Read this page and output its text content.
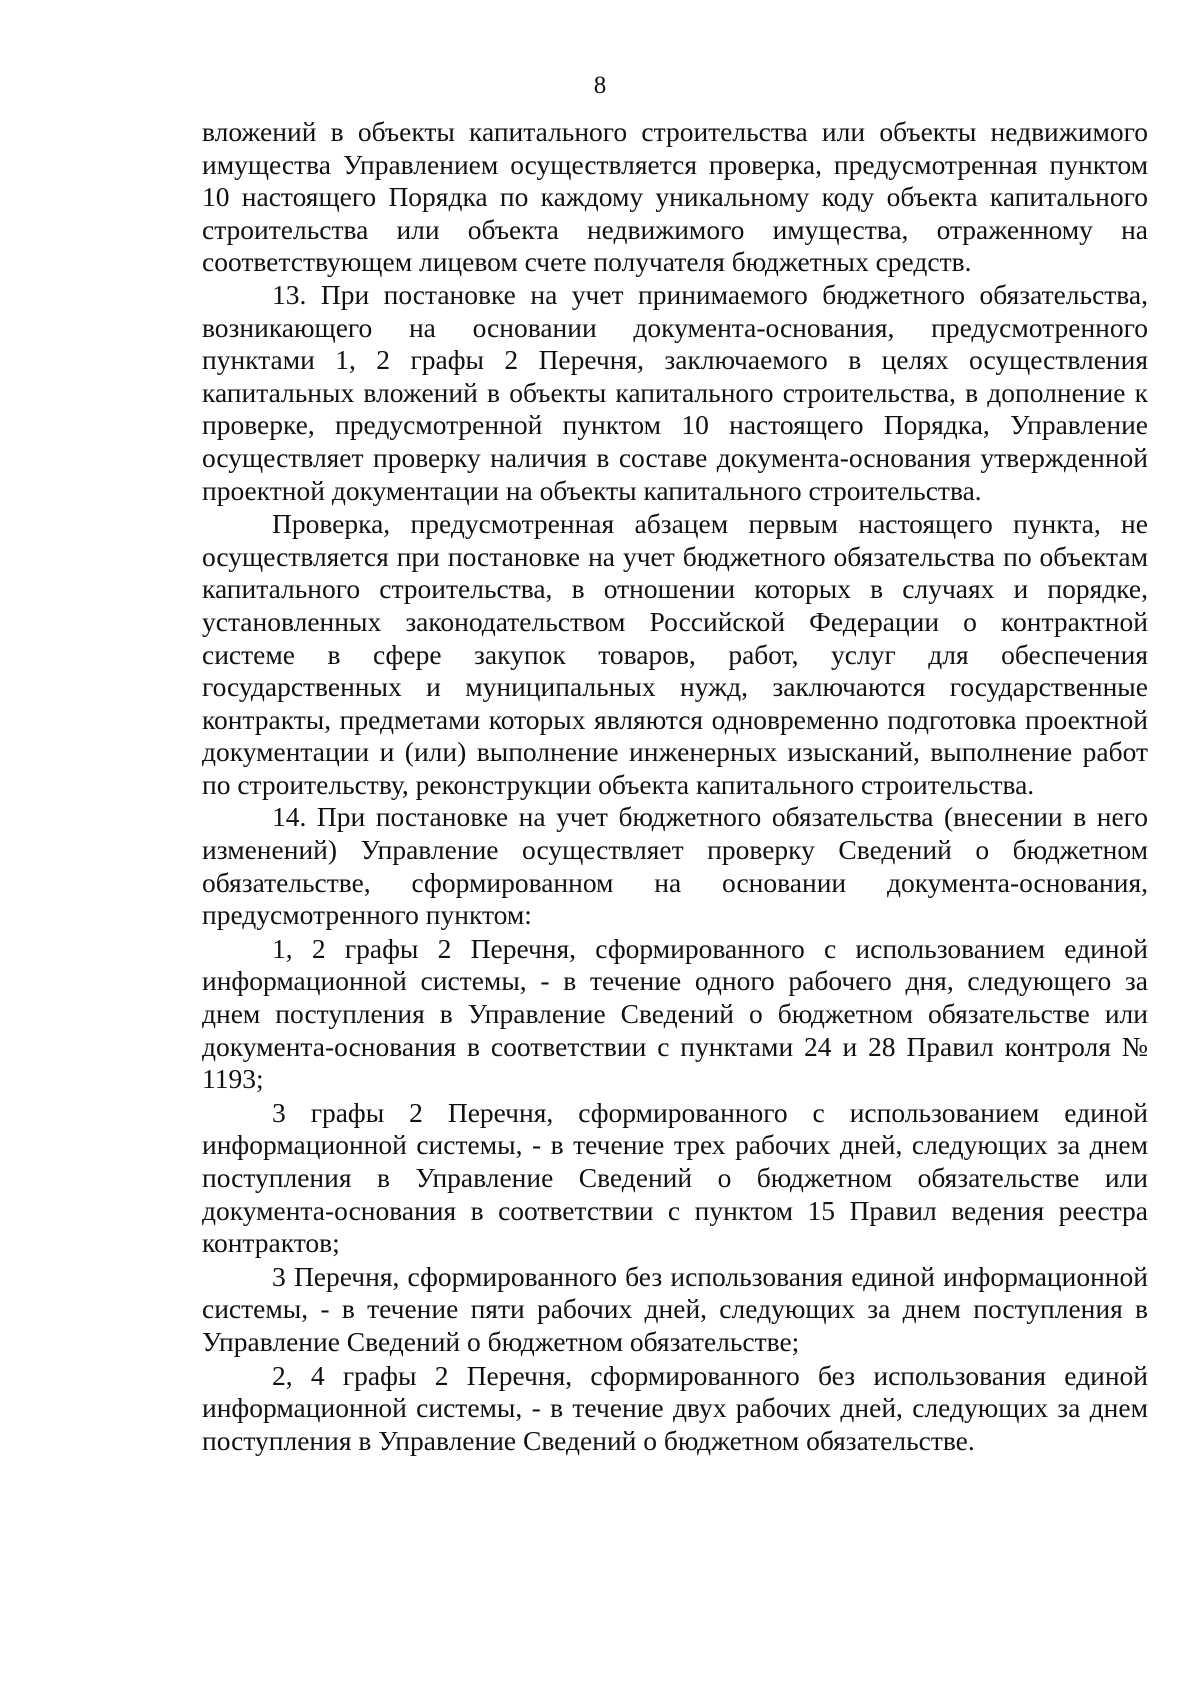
8

вложений в объекты капитального строительства или объекты недвижимого имущества Управлением осуществляется проверка, предусмотренная пунктом 10 настоящего Порядка по каждому уникальному коду объекта капитального строительства или объекта недвижимого имущества, отраженному на соответствующем лицевом счете получателя бюджетных средств.

13. При постановке на учет принимаемого бюджетного обязательства, возникающего на основании документа-основания, предусмотренного пунктами 1, 2 графы 2 Перечня, заключаемого в целях осуществления капитальных вложений в объекты капитального строительства, в дополнение к проверке, предусмотренной пунктом 10 настоящего Порядка, Управление осуществляет проверку наличия в составе документа-основания утвержденной проектной документации на объекты капитального строительства.

Проверка, предусмотренная абзацем первым настоящего пункта, не осуществляется при постановке на учет бюджетного обязательства по объектам капитального строительства, в отношении которых в случаях и порядке, установленных законодательством Российской Федерации о контрактной системе в сфере закупок товаров, работ, услуг для обеспечения государственных и муниципальных нужд, заключаются государственные контракты, предметами которых являются одновременно подготовка проектной документации и (или) выполнение инженерных изысканий, выполнение работ по строительству, реконструкции объекта капитального строительства.

14. При постановке на учет бюджетного обязательства (внесении в него изменений) Управление осуществляет проверку Сведений о бюджетном обязательстве, сформированном на основании документа-основания, предусмотренного пунктом:

1, 2 графы 2 Перечня, сформированного с использованием единой информационной системы, - в течение одного рабочего дня, следующего за днем поступления в Управление Сведений о бюджетном обязательстве или документа-основания в соответствии с пунктами 24 и 28 Правил контроля № 1193;

3 графы 2 Перечня, сформированного с использованием единой информационной системы, - в течение трех рабочих дней, следующих за днем поступления в Управление Сведений о бюджетном обязательстве или документа-основания в соответствии с пунктом 15 Правил ведения реестра контрактов;

3 Перечня, сформированного без использования единой информационной системы, - в течение пяти рабочих дней, следующих за днем поступления в Управление Сведений о бюджетном обязательстве;

2, 4 графы 2 Перечня, сформированного без использования единой информационной системы, - в течение двух рабочих дней, следующих за днем поступления в Управление Сведений о бюджетном обязательстве.
